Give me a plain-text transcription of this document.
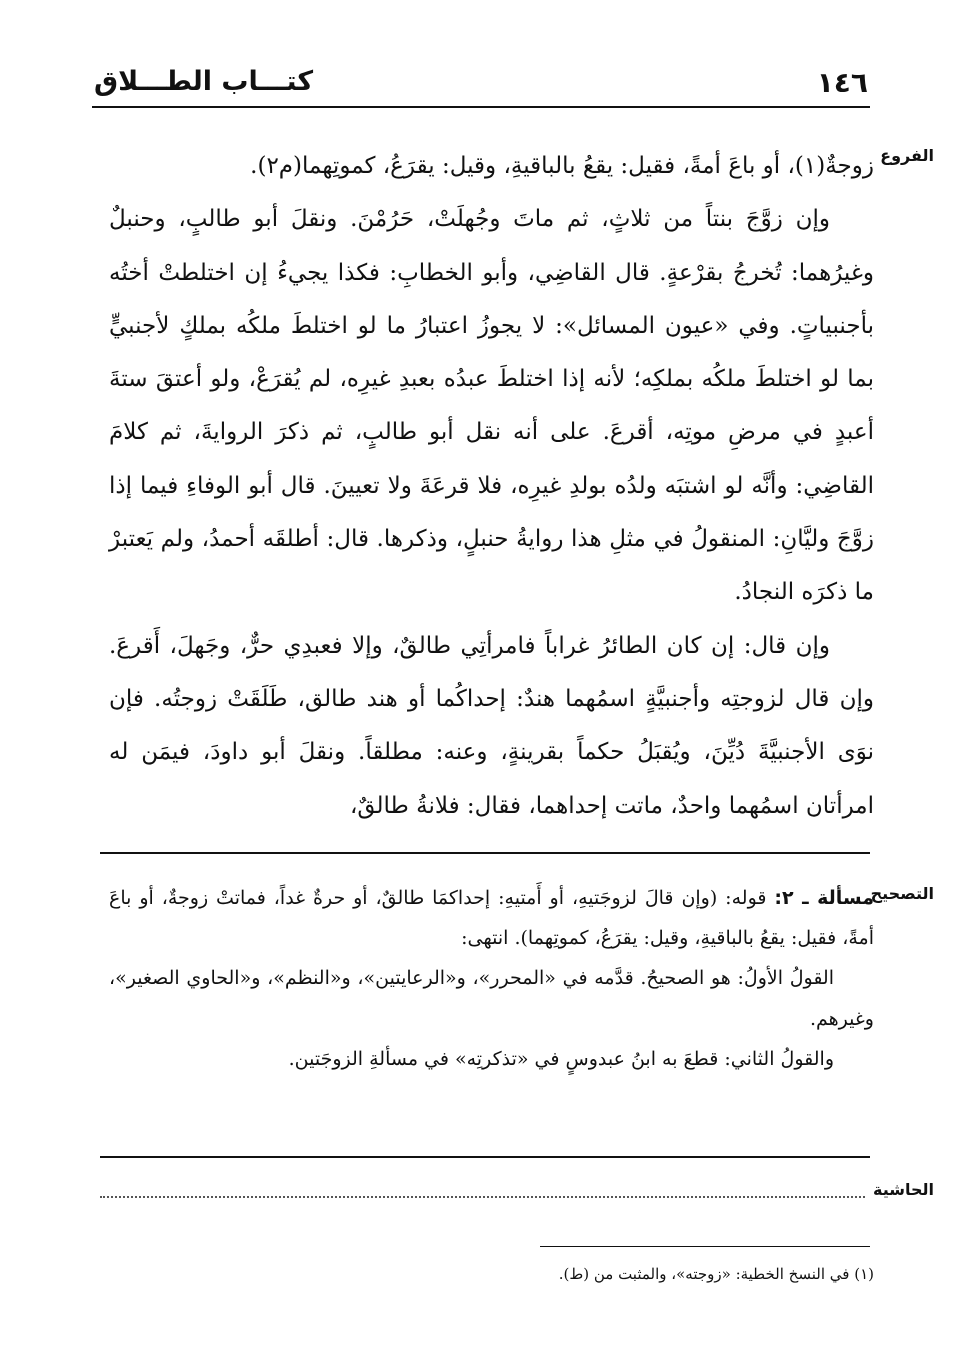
١٤٦
كتـــاب الطـــلاق
الفروع

زوجةٌ(١)، أو باعَ أمةً، فقيل: يقعُ بالباقيةِ، وقيل: يقرَعُ، كموتِهما(م٢).

وإن زوَّجَ بنتاً من ثلاثٍ، ثم ماتَ وجُهلَتْ، حَرُمْنَ. ونقلَ أبو طالبٍ، وحنبلٌ وغيرُهما: تُخرجُ بقرْعةٍ. قال القاضِي، وأبو الخطابِ: فكذا يجيءُ إن اختلطتْ أختُه بأجنبياتٍ. وفي «عيون المسائل»: لا يجوزُ اعتبارُ ما لو اختلطَ ملكُه بملكٍ لأجنبيٍّ بما لو اختلطَ ملكُه بملكِه؛ لأنه إذا اختلطَ عبدُه بعبدِ غيرِه، لم يُقرَعْ، ولو أعتقَ ستةَ أعبدٍ في مرضِ موتِه، أقرعَ. على أنه نقل أبو طالبٍ، ثم ذكرَ الروايةَ، ثم كلامَ القاضِي: وأنَّه لو اشتبَه ولدُه بولدِ غيرِه، فلا قرعَةَ ولا تعيينَ. قال أبو الوفاءِ فيما إذا زوَّجَ وليَّانِ: المنقولُ في مثلِ هذا روايةُ حنبلٍ، وذكرها. قال: أطلقَه أحمدُ، ولم يَعتبرْ ما ذكرَه النجادُ.

وإن قال: إن كان الطائرُ غراباً فامرأتِي طالقٌ، وإلا فعبدِي حرٌّ، وجَهلَ، أَقرعَ. وإن قال لزوجتِه وأجنبيَّةٍ اسمُهما هندٌ: إحداكُما أو هند طالق، طَلَقَتْ زوجتُه. فإن نوَى الأجنبيَّةَ دُيِّنَ، ويُقبَلُ حكماً بقرينةٍ، وعنه: مطلقاً. ونقلَ أبو داودَ، فيمَن له امرأتان اسمُهما واحدٌ، ماتت إحداهما، فقال: فلانةُ طالقٌ،

التصحيح

مسألة ـ ٢: قوله: (وإن قالَ لزوجَتيهِ، أو أَمتيهِ: إحداكمَا طالقٌ، أو حرةٌ غداً، فماتتْ زوجةٌ، أو باعَ أمةً، فقيل: يقعُ بالباقيةِ، وقيل: يقرَعُ، كموتِهما). انتهى:

القولُ الأولُ: هو الصحيحُ. قدَّمه في «المحرر»، و«الرعايتين»، و«النظم»، و«الحاوي الصغير»، وغيرهم.

والقولُ الثاني: قطعَ به ابنُ عبدوسٍ في «تذكرتِه» في مسألةِ الزوجَتين.

الحاشية
(١) في النسخ الخطية: «زوجته»، والمثبت من (ط).
